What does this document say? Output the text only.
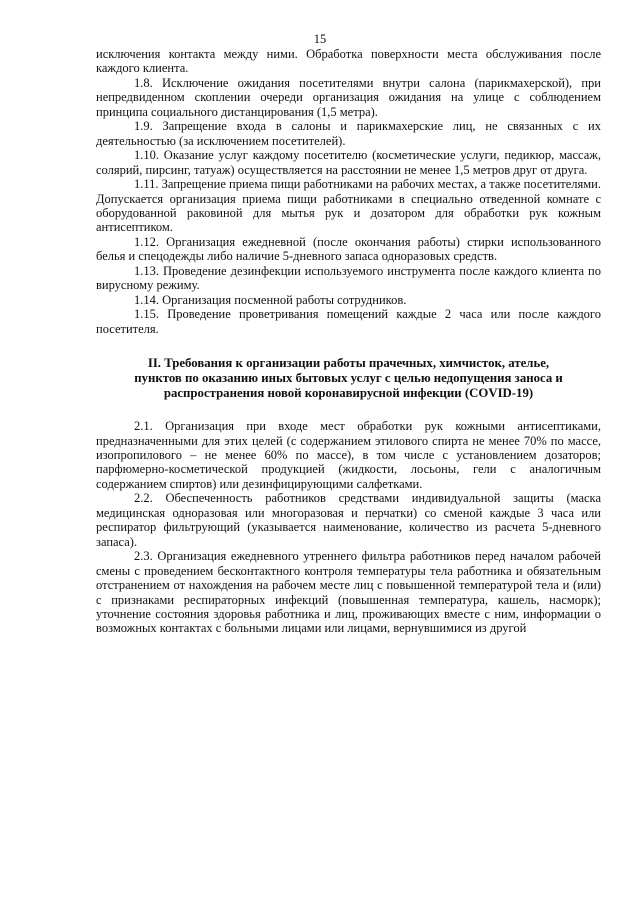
15

исключения контакта между ними. Обработка поверхности места обслуживания после каждого клиента.

1.8. Исключение ожидания посетителями внутри салона (парикмахерской), при непредвиденном скоплении очереди организация ожидания на улице с соблюдением принципа социального дистанцирования (1,5 метра).

1.9. Запрещение входа в салоны и парикмахерские лиц, не связанных с их деятельностью (за исключением посетителей).

1.10. Оказание услуг каждому посетителю (косметические услуги, педикюр, массаж, солярий, пирсинг, татуаж) осуществляется на расстоянии не менее 1,5 метров друг от друга.

1.11. Запрещение приема пищи работниками на рабочих местах, а также посетителями. Допускается организация приема пищи работниками в специально отведенной комнате с оборудованной раковиной для мытья рук и дозатором для обработки рук кожным антисептиком.

1.12. Организация ежедневной (после окончания работы) стирки использованного белья и спецодежды либо наличие 5-дневного запаса одноразовых средств.

1.13. Проведение дезинфекции используемого инструмента после каждого клиента по вирусному режиму.

1.14. Организация посменной работы сотрудников.

1.15. Проведение проветривания помещений каждые 2 часа или после каждого посетителя.

II. Требования к организации работы прачечных, химчисток, ателье,
пунктов по оказанию иных бытовых услуг с целью недопущения заноса и
распространения новой коронавирусной инфекции (COVID-19)

2.1. Организация при входе мест обработки рук кожными антисептиками, предназначенными для этих целей (с содержанием этилового спирта не менее 70% по массе, изопропилового – не менее 60% по массе), в том числе с установлением дозаторов; парфюмерно-косметической продукцией (жидкости, лосьоны, гели с аналогичным содержанием спиртов) или дезинфицирующими салфетками.

2.2. Обеспеченность работников средствами индивидуальной защиты (маска медицинская одноразовая или многоразовая и перчатки) со сменой каждые 3 часа или респиратор фильтрующий (указывается наименование, количество из расчета 5-дневного запаса).

2.3. Организация ежедневного утреннего фильтра работников перед началом рабочей смены с проведением бесконтактного контроля температуры тела работника и обязательным отстранением от нахождения на рабочем месте лиц с повышенной температурой тела и (или) с признаками респираторных инфекций (повышенная температура, кашель, насморк); уточнение состояния здоровья работника и лиц, проживающих вместе с ним, информации о возможных контактах с больными лицами или лицами, вернувшимися из другой
